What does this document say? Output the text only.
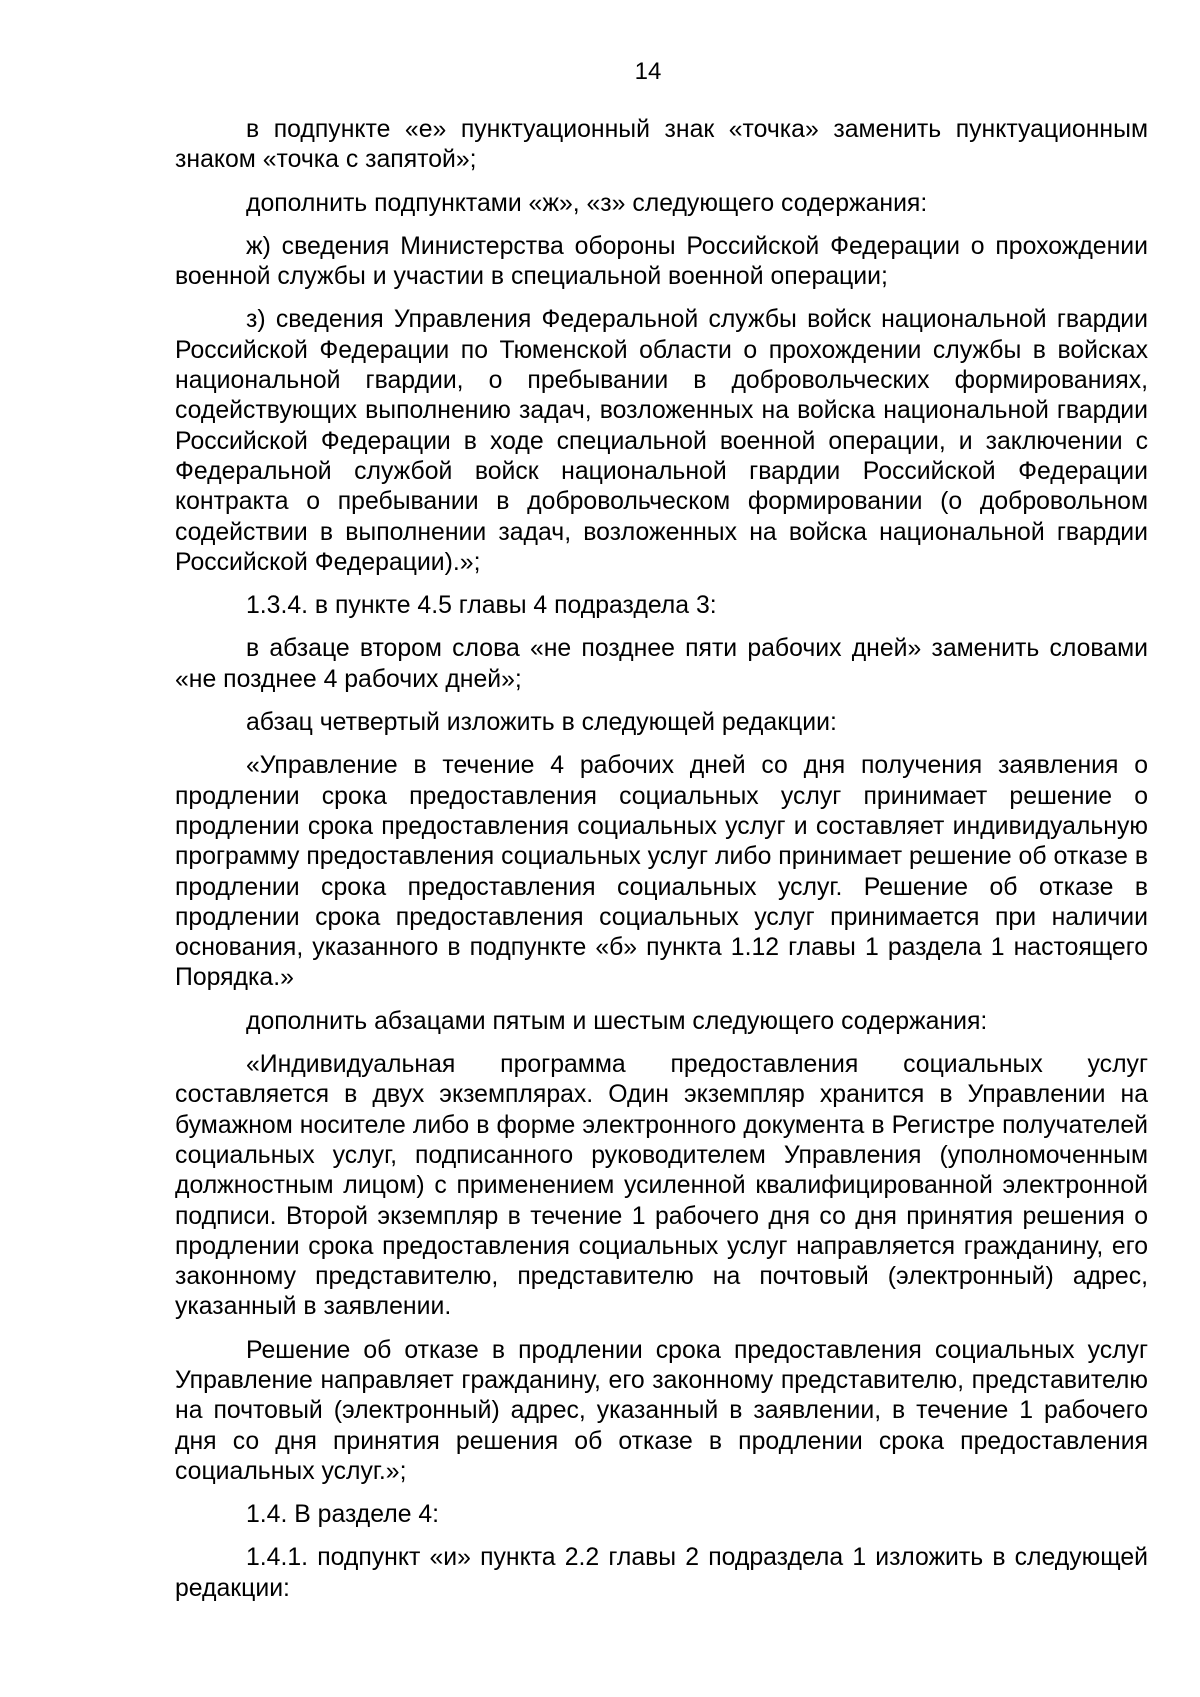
14

в подпункте «е» пунктуационный знак «точка» заменить пунктуационным знаком «точка с запятой»;

дополнить подпунктами «ж», «з» следующего содержания:

ж) сведения Министерства обороны Российской Федерации о прохождении военной службы и участии в специальной военной операции;

з) сведения Управления Федеральной службы войск национальной гвардии Российской Федерации по Тюменской области о прохождении службы в войсках национальной гвардии, о пребывании в добровольческих формированиях, содействующих выполнению задач, возложенных на войска национальной гвардии Российской Федерации в ходе специальной военной операции, и заключении с Федеральной службой войск национальной гвардии Российской Федерации контракта о пребывании в добровольческом формировании (о добровольном содействии в выполнении задач, возложенных на войска национальной гвардии Российской Федерации).»;

1.3.4. в пункте 4.5 главы 4 подраздела 3:

в абзаце втором слова «не позднее пяти рабочих дней» заменить словами «не позднее 4 рабочих дней»;

абзац четвертый изложить в следующей редакции:

«Управление в течение 4 рабочих дней со дня получения заявления о продлении срока предоставления социальных услуг принимает решение о продлении срока предоставления социальных услуг и составляет индивидуальную программу предоставления социальных услуг либо принимает решение об отказе в продлении срока предоставления социальных услуг. Решение об отказе в продлении срока предоставления социальных услуг принимается при наличии основания, указанного в подпункте «б» пункта 1.12 главы 1 раздела 1 настоящего Порядка.»

дополнить абзацами пятым и шестым следующего содержания:

«Индивидуальная программа предоставления социальных услуг составляется в двух экземплярах. Один экземпляр хранится в Управлении на бумажном носителе либо в форме электронного документа в Регистре получателей социальных услуг, подписанного руководителем Управления (уполномоченным должностным лицом) с применением усиленной квалифицированной электронной подписи. Второй экземпляр в течение 1 рабочего дня со дня принятия решения о продлении срока предоставления социальных услуг направляется гражданину, его законному представителю, представителю на почтовый (электронный) адрес, указанный в заявлении.

Решение об отказе в продлении срока предоставления социальных услуг Управление направляет гражданину, его законному представителю, представителю на почтовый (электронный) адрес, указанный в заявлении, в течение 1 рабочего дня со дня принятия решения об отказе в продлении срока предоставления социальных услуг.»;

1.4. В разделе 4:

1.4.1. подпункт «и» пункта 2.2 главы 2 подраздела 1 изложить в следующей редакции:
